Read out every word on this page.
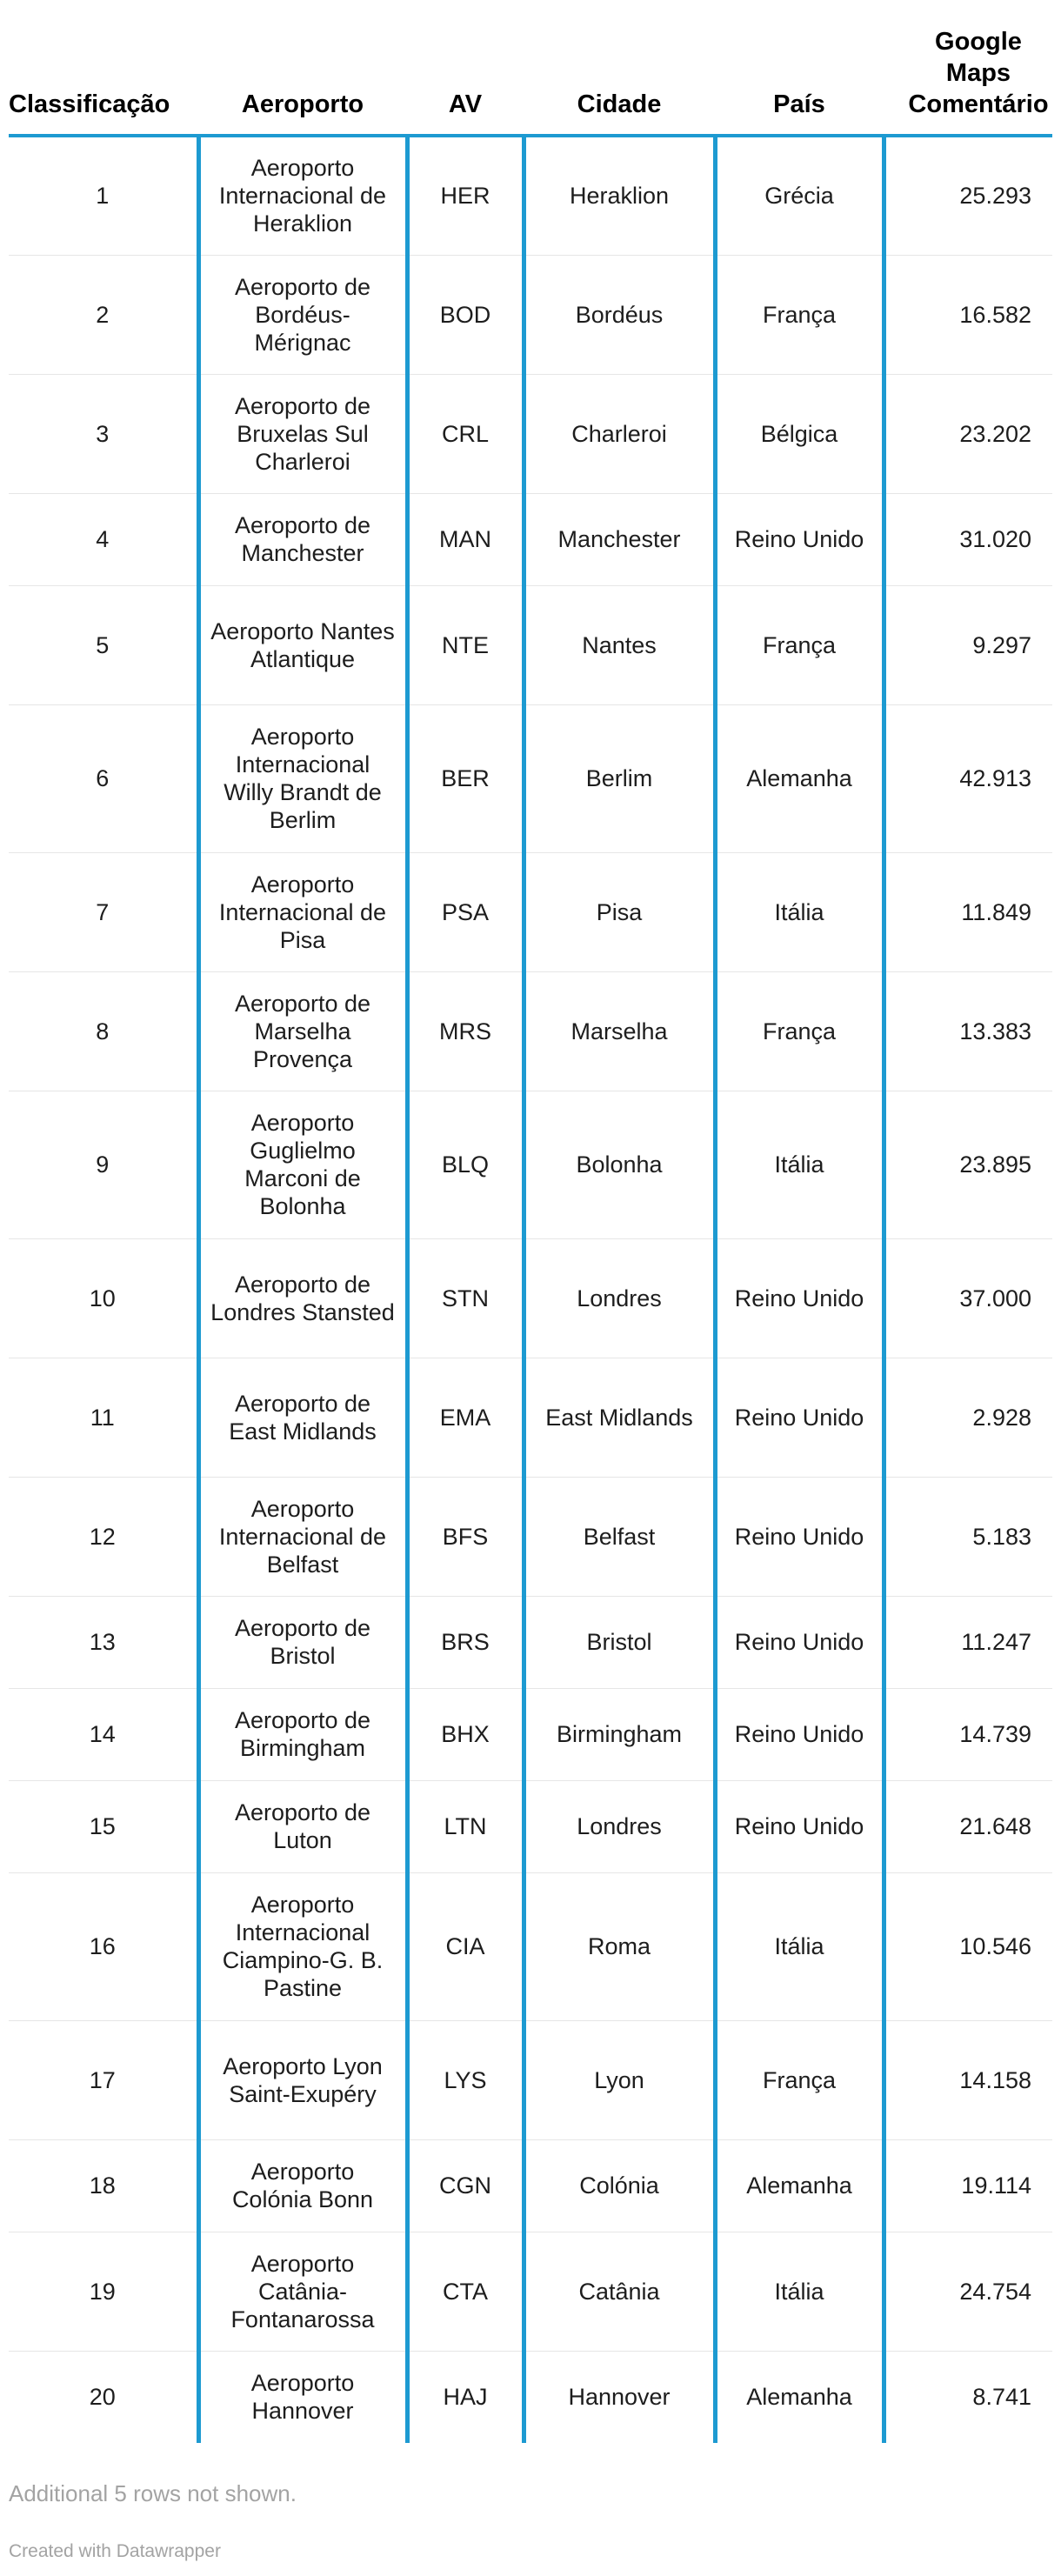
Classificação	Aeroporto	AV	Cidade	País	Google Maps Comentário
1	Aeroporto Internacional de Heraklion	HER	Heraklion	Grécia	25.293
2	Aeroporto de Bordéus-Mérignac	BOD	Bordéus	França	16.582
3	Aeroporto de Bruxelas Sul Charleroi	CRL	Charleroi	Bélgica	23.202
4	Aeroporto de Manchester	MAN	Manchester	Reino Unido	31.020
5	Aeroporto Nantes Atlantique	NTE	Nantes	França	9.297
6	Aeroporto Internacional Willy Brandt de Berlim	BER	Berlim	Alemanha	42.913
7	Aeroporto Internacional de Pisa	PSA	Pisa	Itália	11.849
8	Aeroporto de Marselha Provença	MRS	Marselha	França	13.383
9	Aeroporto Guglielmo Marconi de Bolonha	BLQ	Bolonha	Itália	23.895
10	Aeroporto de Londres Stansted	STN	Londres	Reino Unido	37.000
11	Aeroporto de East Midlands	EMA	East Midlands	Reino Unido	2.928
12	Aeroporto Internacional de Belfast	BFS	Belfast	Reino Unido	5.183
13	Aeroporto de Bristol	BRS	Bristol	Reino Unido	11.247
14	Aeroporto de Birmingham	BHX	Birmingham	Reino Unido	14.739
15	Aeroporto de Luton	LTN	Londres	Reino Unido	21.648
16	Aeroporto Internacional Ciampino-G. B. Pastine	CIA	Roma	Itália	10.546
17	Aeroporto Lyon Saint-Exupéry	LYS	Lyon	França	14.158
18	Aeroporto Colónia Bonn	CGN	Colónia	Alemanha	19.114
19	Aeroporto Catânia-Fontanarossa	CTA	Catânia	Itália	24.754
20	Aeroporto Hannover	HAJ	Hannover	Alemanha	8.741
Additional 5 rows not shown.
Created with Datawrapper
